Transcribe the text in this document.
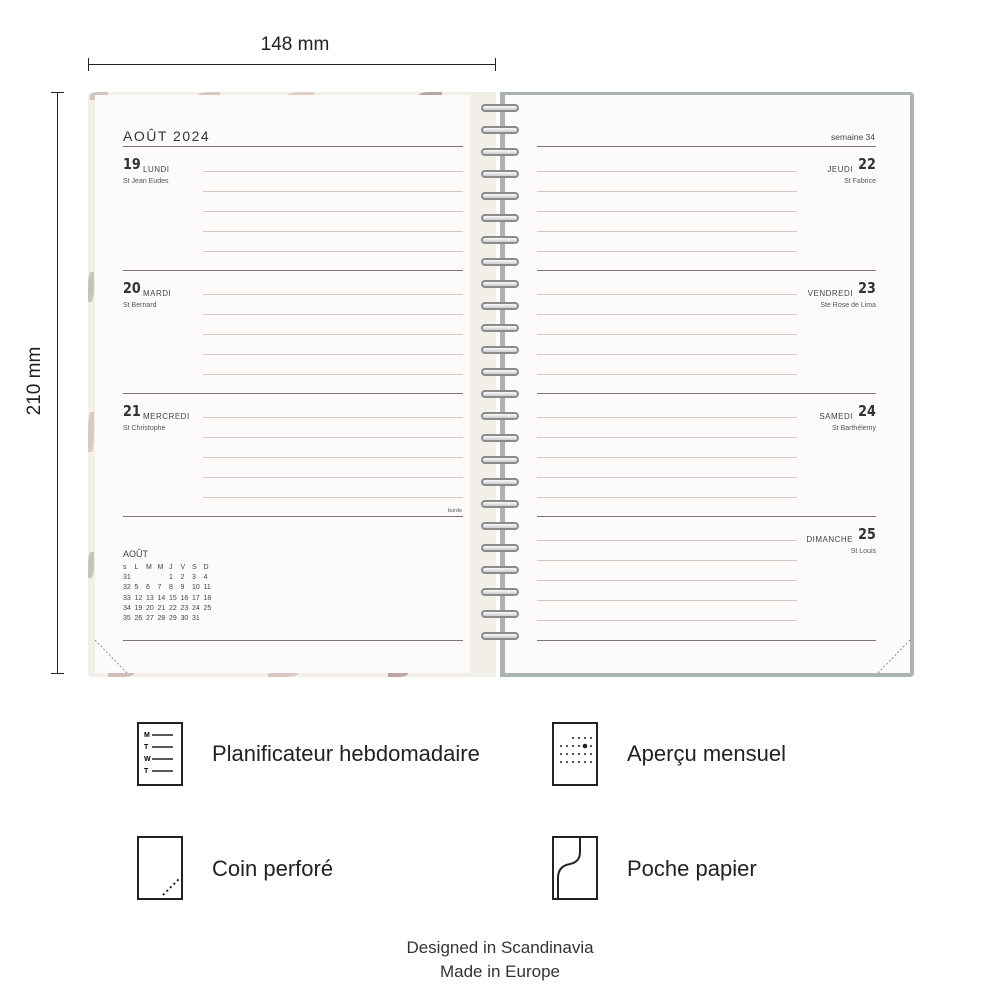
148 mm
210 mm
AOÛT 2024
19 LUNDI
St Jean Eudes
20 MARDI
St Bernard
21 MERCREDI
St Christophe
burde
AOÛT
s	L	M	M	J	V	S	D
31				1	2	3	4
32	5	6	7	8	9	10	11
33	12	13	14	15	16	17	18
34	19	20	21	22	23	24	25
35	26	27	28	29	30	31	
semaine 34
22
JEUDI
St Fabrice
23
VENDREDI
Ste Rose de Lima
24
SAMEDI
St Barthélemy
25
DIMANCHE
St Louis
M
T
W
T
Planificateur hebdomadaire	Aperçu mensuel
Coin perforé	Poche papier
Designed in Scandinavia
Made in Europe
